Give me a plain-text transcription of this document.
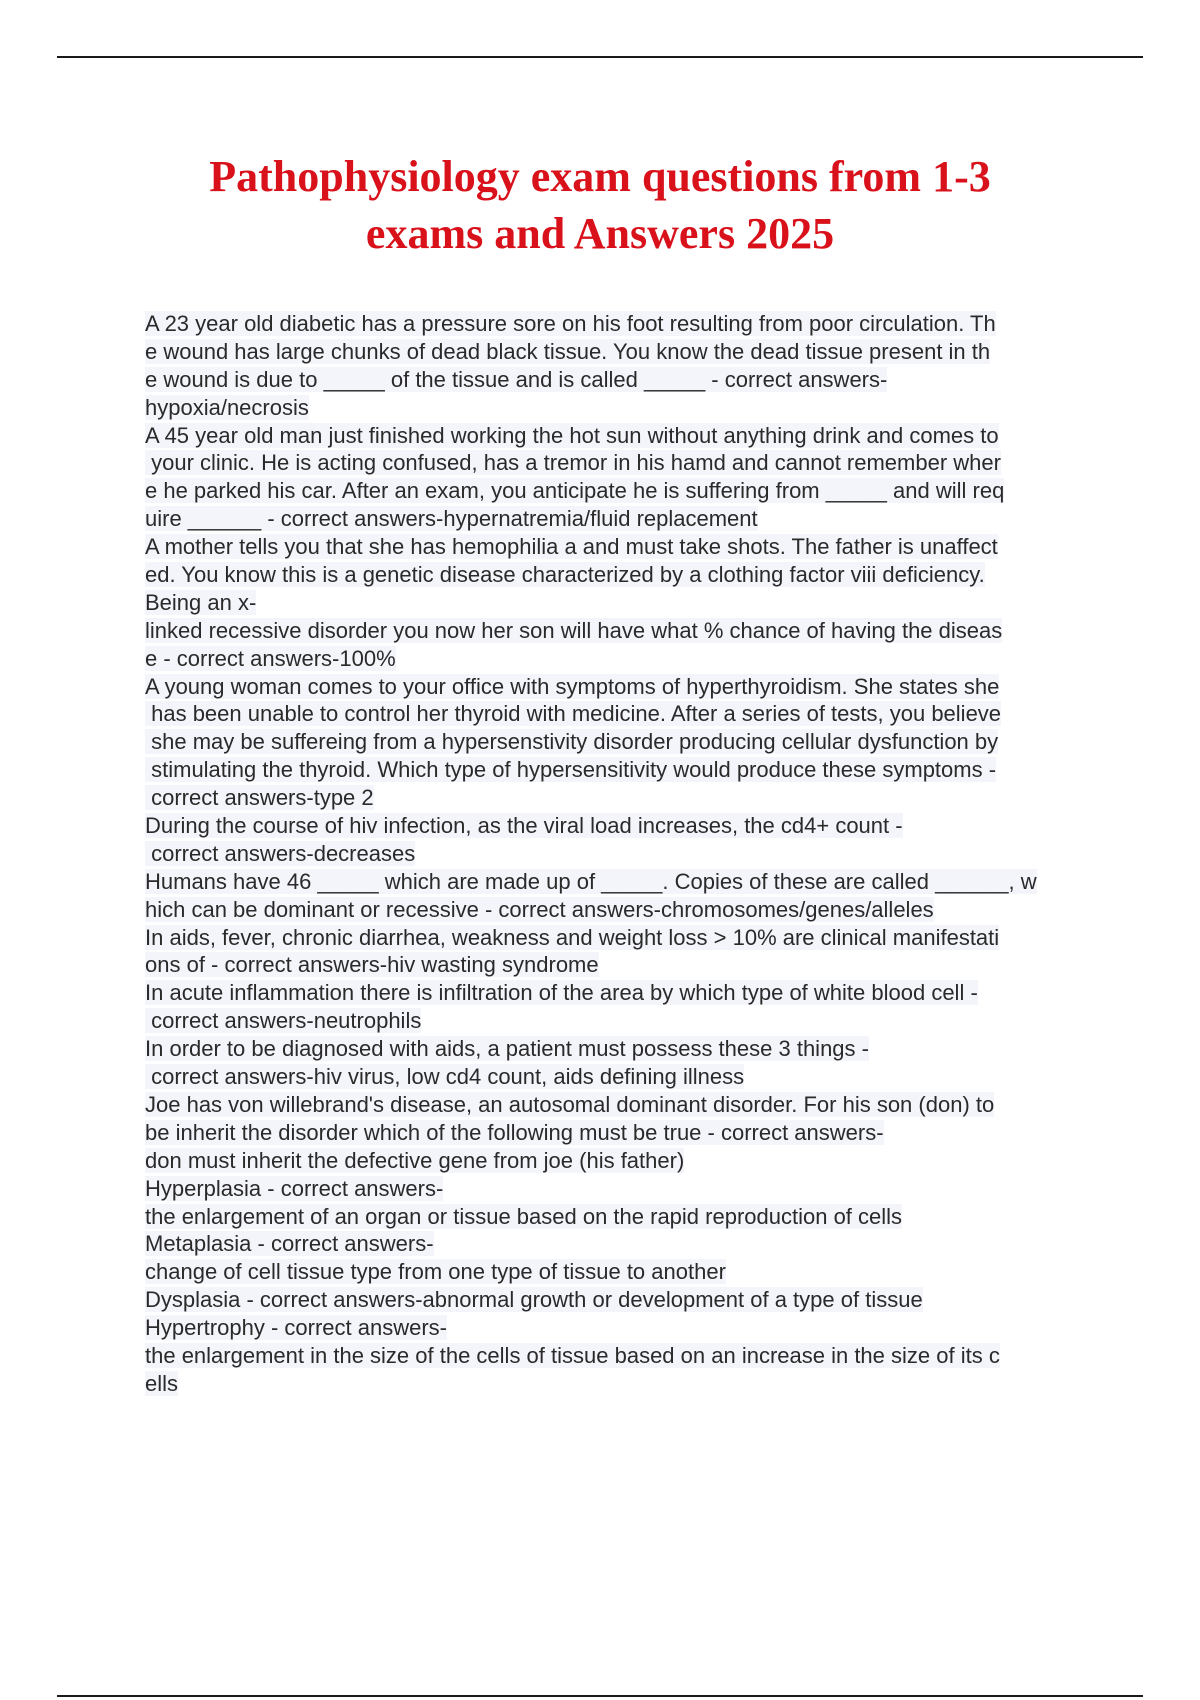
Pathophysiology exam questions from 1-3
exams and Answers 2025
A 23 year old diabetic has a pressure sore on his foot resulting from poor circulation. Th
e wound has large chunks of dead black tissue. You know the dead tissue present in th
e wound is due to _____ of the tissue and is called _____ - correct answers-
hypoxia/necrosis
A 45 year old man just finished working the hot sun without anything drink and comes to
your clinic. He is acting confused, has a tremor in his hamd and cannot remember wher
e he parked his car. After an exam, you anticipate he is suffering from _____ and will req
uire ______ - correct answers-hypernatremia/fluid replacement
A mother tells you that she has hemophilia a and must take shots. The father is unaffect
ed. You know this is a genetic disease characterized by a clothing factor viii deficiency.
Being an x-
linked recessive disorder you now her son will have what % chance of having the diseas
e - correct answers-100%
A young woman comes to your office with symptoms of hyperthyroidism. She states she
has been unable to control her thyroid with medicine. After a series of tests, you believe
she may be suffereing from a hypersenstivity disorder producing cellular dysfunction by
stimulating the thyroid. Which type of hypersensitivity would produce these symptoms -
correct answers-type 2
During the course of hiv infection, as the viral load increases, the cd4+ count -
correct answers-decreases
Humans have 46 _____ which are made up of _____. Copies of these are called ______, w
hich can be dominant or recessive - correct answers-chromosomes/genes/alleles
In aids, fever, chronic diarrhea, weakness and weight loss > 10% are clinical manifestati
ons of - correct answers-hiv wasting syndrome
In acute inflammation there is infiltration of the area by which type of white blood cell -
correct answers-neutrophils
In order to be diagnosed with aids, a patient must possess these 3 things -
correct answers-hiv virus, low cd4 count, aids defining illness
Joe has von willebrand's disease, an autosomal dominant disorder. For his son (don) to
be inherit the disorder which of the following must be true - correct answers-
don must inherit the defective gene from joe (his father)
Hyperplasia - correct answers-
the enlargement of an organ or tissue based on the rapid reproduction of cells
Metaplasia - correct answers-
change of cell tissue type from one type of tissue to another
Dysplasia - correct answers-abnormal growth or development of a type of tissue
Hypertrophy - correct answers-
the enlargement in the size of the cells of tissue based on an increase in the size of its c
ells
